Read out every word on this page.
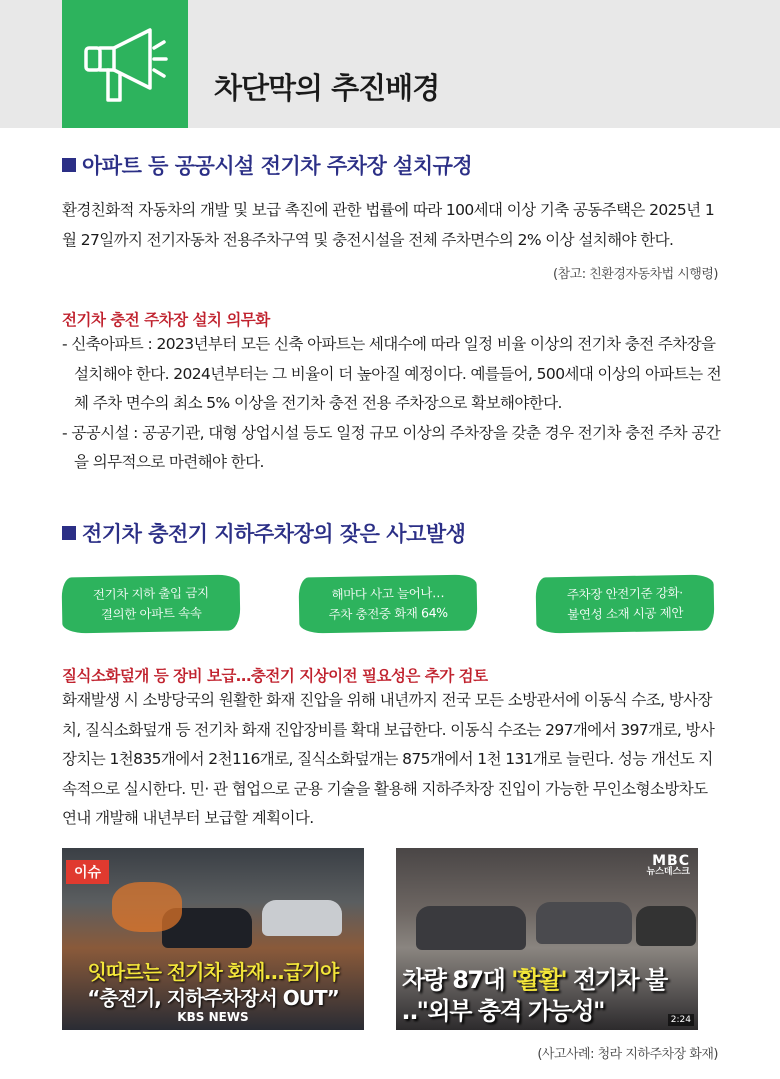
차단막의 추진배경
아파트 등 공공시설 전기차 주차장 설치규정
환경친화적 자동차의 개발 및 보급 촉진에 관한 법률에 따라 100세대 이상 기축 공동주택은 2025년 1월 27일까지 전기자동차 전용주차구역 및 충전시설을 전체 주차면수의 2% 이상 설치해야 한다.
(참고: 친환경자동차법 시행령)
전기차 충전 주차장 설치 의무화
- 신축아파트 : 2023년부터 모든 신축 아파트는 세대수에 따라 일정 비율 이상의 전기차 충전 주차장을 설치해야 한다. 2024년부터는 그 비율이 더 높아질 예정이다. 예를들어, 500세대 이상의 아파트는 전체 주차 면수의 최소 5% 이상을 전기차 충전 전용 주차장으로 확보해야한다.
- 공공시설 : 공공기관, 대형 상업시설 등도 일정 규모 이상의 주차장을 갖춘 경우 전기차 충전 주차 공간을 의무적으로 마련해야 한다.
전기차 충전기 지하주차장의 잦은 사고발생
전기차 지하 출입 금지
결의한 아파트 속속
해마다 사고 늘어나…
주차 충전중 화재 64%
주차장 안전기준 강화·
불연성 소재 시공 제안
질식소화덮개 등 장비 보급…충전기 지상이전 필요성은 추가 검토
화재발생 시 소방당국의 원활한 화재 진압을 위해 내년까지 전국 모든 소방관서에 이동식 수조, 방사장치, 질식소화덮개 등 전기차 화재 진압장비를 확대 보급한다. 이동식 수조는 297개에서 397개로, 방사장치는 1천835개에서 2천116개로, 질식소화덮개는 875개에서 1천 131개로 늘린다. 성능 개선도 지속적으로 실시한다. 민· 관 협업으로 군용 기술을 활용해 지하주차장 진입이 가능한 무인소형소방차도 연내 개발해 내년부터 보급할 계획이다.
이슈
잇따르는 전기차 화재…급기야
“충전기, 지하주차장서 OUT”
KBS NEWS
MBC
뉴스데스크
차량 87대 '활활' 전기차 불
‥"외부 충격 가능성"	2:24
(사고사례: 청라 지하주차장 화재)
